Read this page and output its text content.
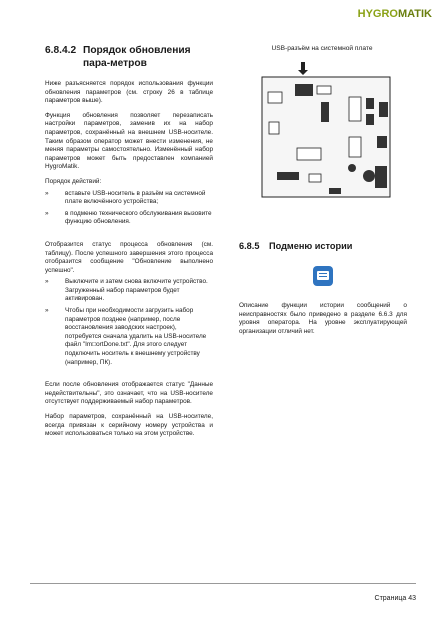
HYGROMATIK
6.8.4.2 Порядок обновления пара-метров

Ниже разъясняется порядок использования функции обновления параметров (см. строку 26 в таблице параметров выше).

Функция обновления позволяет перезаписать настройки параметров, заменив их на набор параметров, сохранённый на внешнем USB-носителе. Таким образом оператор может внести изменения, не меняя параметры самостоятельно. Изменённый набор параметров может быть предоставлен компанией HygroMatik.

Порядок действий:

»	вставьте USB-носитель в разъём на системной плате включённого устройства;
»	в подменю технического обслуживания вызовите функцию обновления.

Отобразится статус процесса обновления (см. таблицу). После успешного завершения этого процесса отобразится сообщение "Обновление выполнено успешно".

»	Выключите и затем снова включите устройство. Загруженный набор параметров будет активирован.
»	Чтобы при необходимости загрузить набор параметров позднее (например, после восстановления заводских настроек), потребуется сначала удалить на USB-носителе файл "Im□ortDone.txt". Для этого следует подключить носитель к внешнему устройству (например, ПК).

Если после обновления отображается статус "Данные недействительны", это означает, что на USB-носителе отсутствует поддерживаемый набор параметров.

Набор параметров, сохранённый на USB-носителе, всегда привязан к серийному номеру устройства и может использоваться только на этом устройстве.

USB-разъём на системной плате
6.8.5	Подменю истории

Описание функции истории сообщений о неисправностях было приведено в разделе 6.6.3 для уровня оператора. На уровне эксплуатирующей организации отличий нет.

Страница 43
